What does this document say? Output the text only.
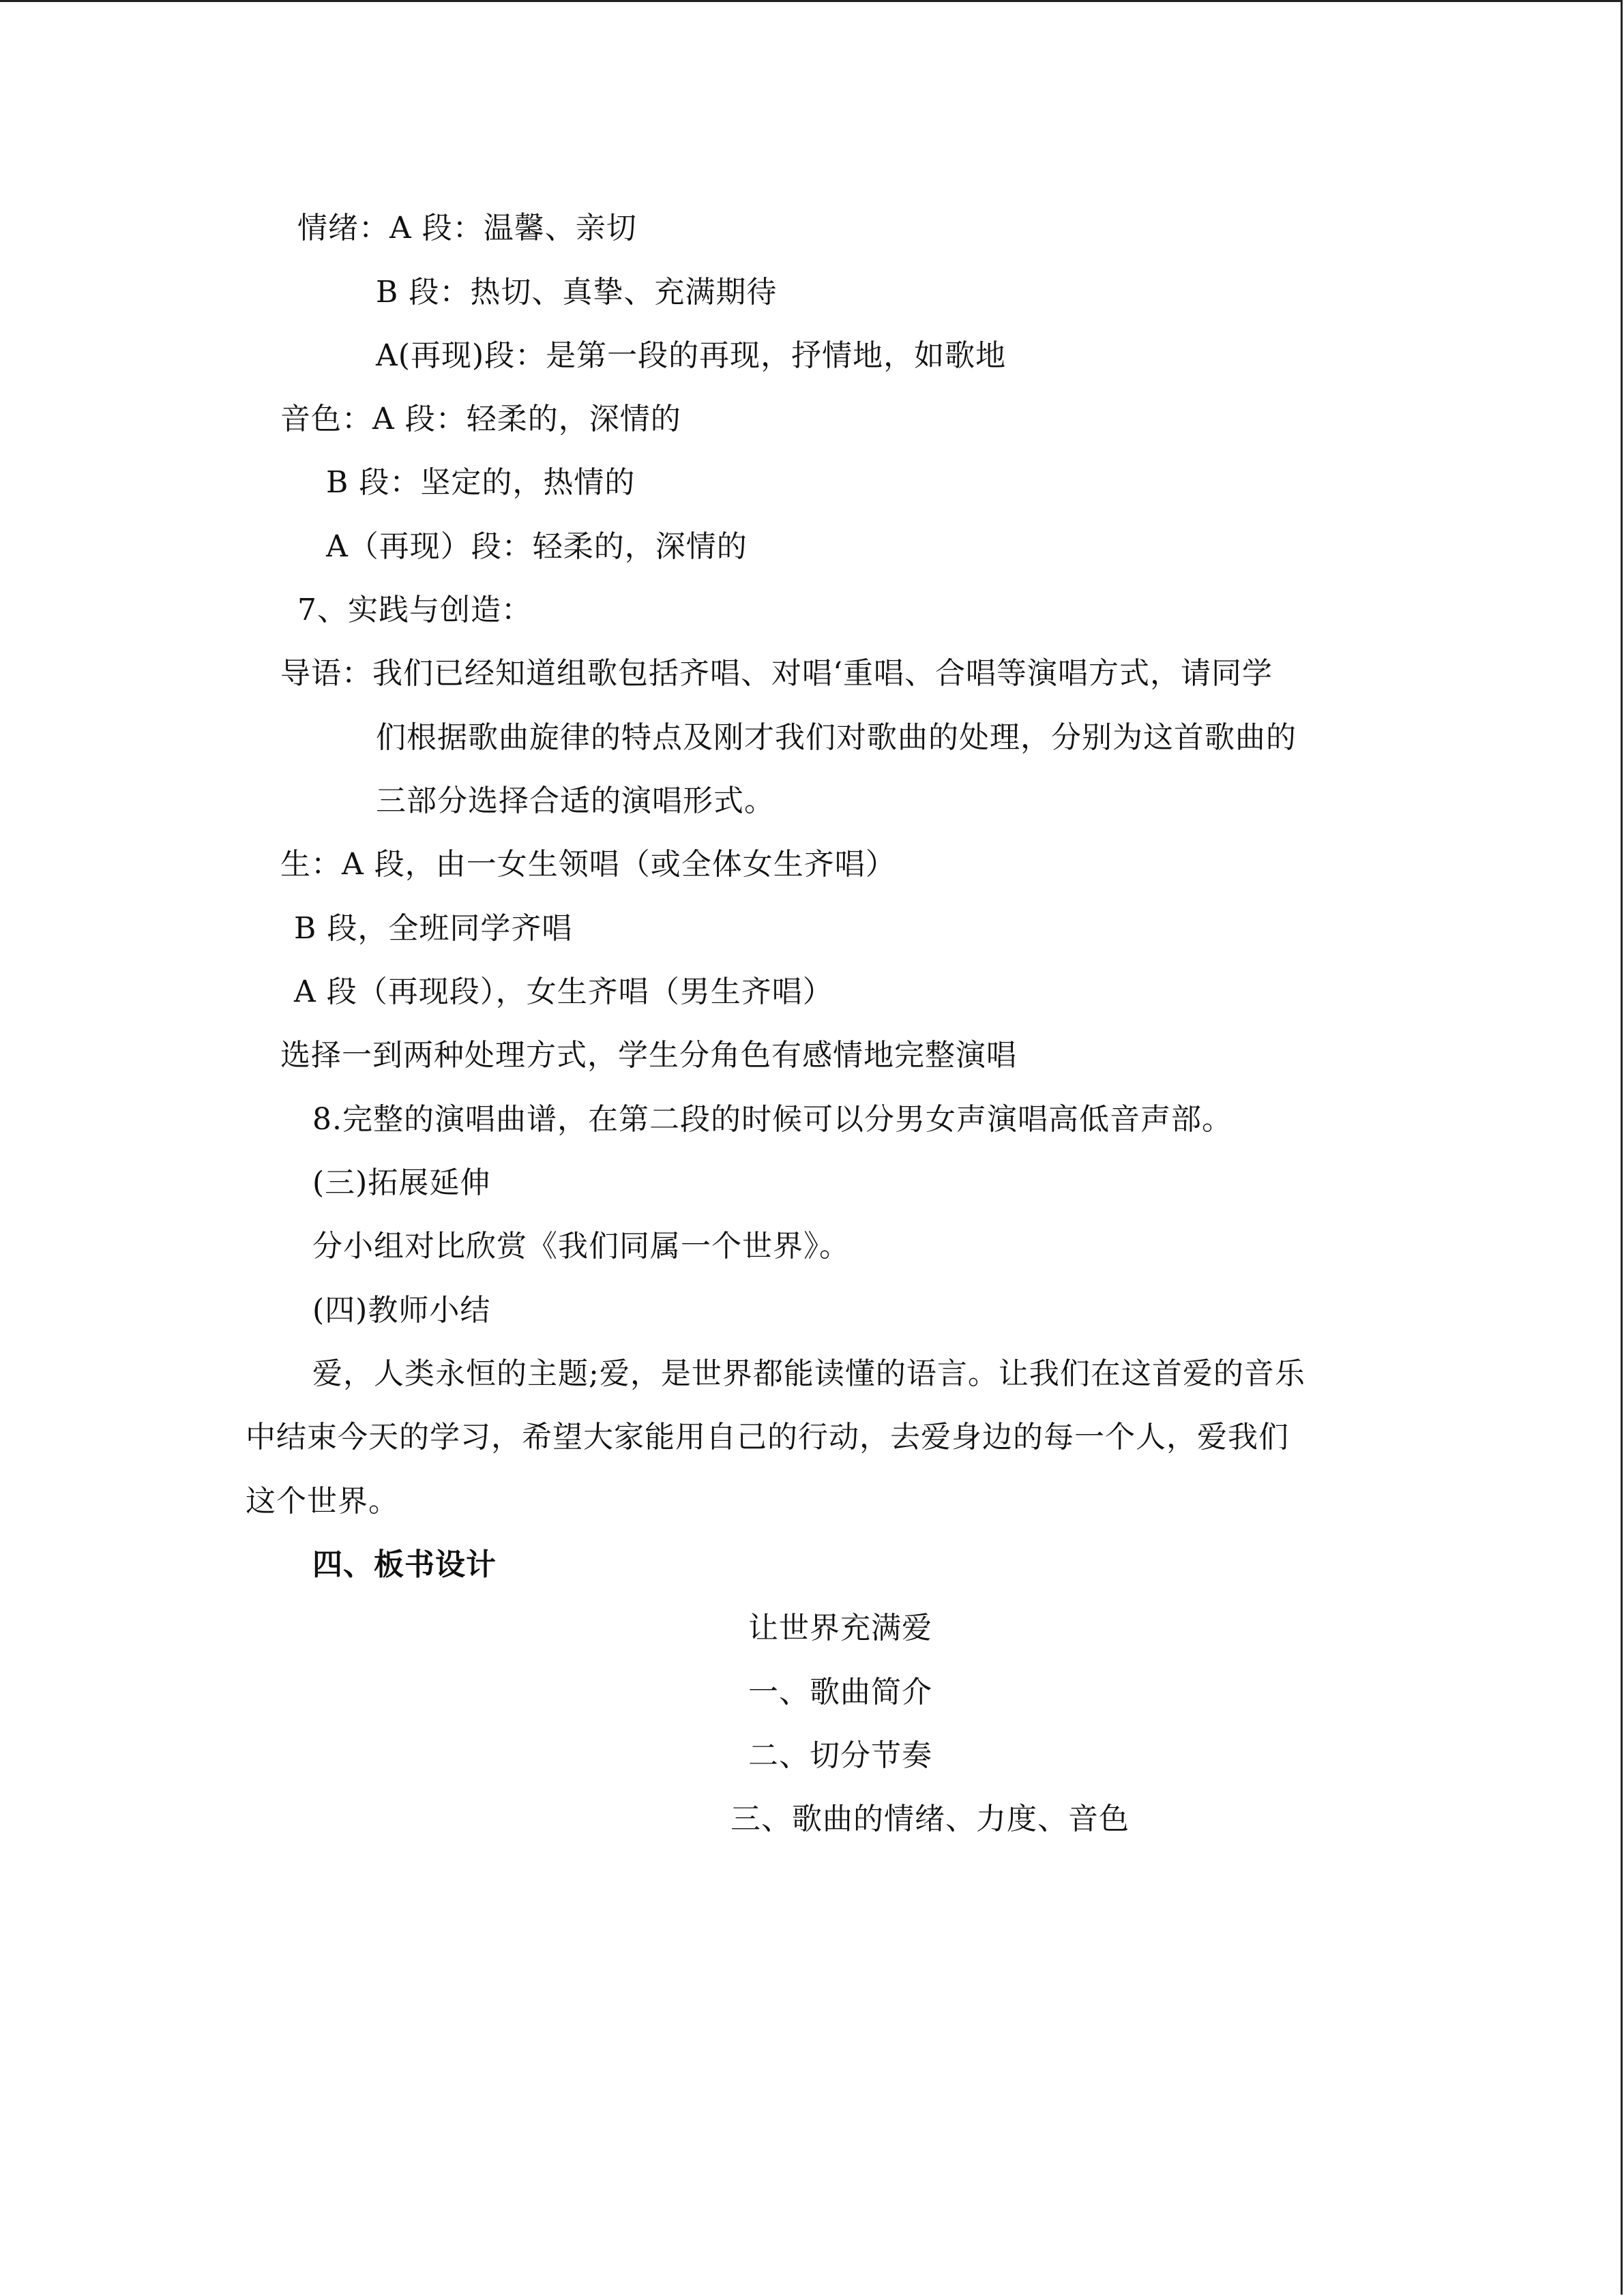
情绪：A 段：温馨、亲切
B 段：热切、真挚、充满期待
A(再现)段：是第一段的再现，抒情地，如歌地
音色：A 段：轻柔的，深情的
B 段：坚定的，热情的
A（再现）段：轻柔的，深情的
7、实践与创造：
导语：我们已经知道组歌包括齐唱、对唱‘重唱、合唱等演唱方式，请同学
们根据歌曲旋律的特点及刚才我们对歌曲的处理，分别为这首歌曲的
三部分选择合适的演唱形式。
生：A 段，由一女生领唱（或全体女生齐唱）
B 段，全班同学齐唱
A 段（再现段），女生齐唱（男生齐唱）
选择一到两种处理方式，学生分角色有感情地完整演唱
8.完整的演唱曲谱，在第二段的时候可以分男女声演唱高低音声部。
(三)拓展延伸
分小组对比欣赏《我们同属一个世界》。
(四)教师小结
爱，人类永恒的主题;爱，是世界都能读懂的语言。让我们在这首爱的音乐
中结束今天的学习，希望大家能用自己的行动，去爱身边的每一个人，爱我们
这个世界。
四、板书设计
让世界充满爱
一、歌曲简介
二、切分节奏
三、歌曲的情绪、力度、音色
